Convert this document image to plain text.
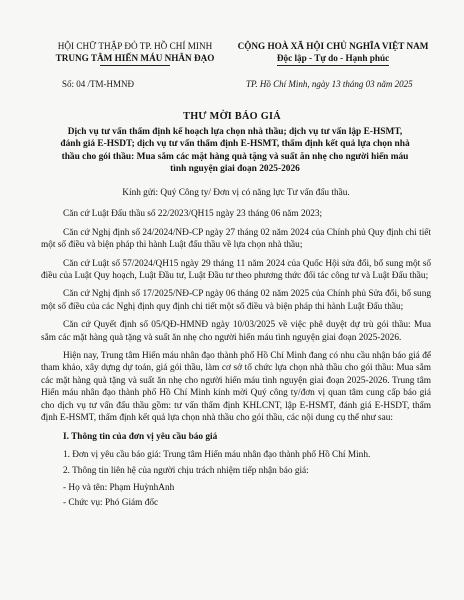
HỘI CHỮ THẬP ĐỎ TP. HỒ CHÍ MINH
TRUNG TÂM HIẾN MÁU NHÂN ĐẠO
CỘNG HOÀ XÃ HỘI CHỦ NGHĨA VIỆT NAM
Độc lập - Tự do - Hạnh phúc
Số: 04 /TM-HMNĐ	TP. Hồ Chí Minh, ngày 13 tháng 03 năm 2025
THƯ MỜI BÁO GIÁ
Dịch vụ tư vấn thẩm định kế hoạch lựa chọn nhà thầu; dịch vụ tư vấn lập E-HSMT, đánh giá E-HSDT; dịch vụ tư vấn thẩm định E-HSMT, thẩm định kết quả lựa chọn nhà thầu cho gói thầu: Mua sắm các mặt hàng quà tặng và suất ăn nhẹ cho người hiến máu tình nguyện giai đoạn 2025-2026

Kính gửi: Quý Công ty/ Đơn vị có năng lực Tư vấn đấu thầu.

Căn cứ Luật Đấu thầu số 22/2023/QH15 ngày 23 tháng 06 năm 2023;

Căn cứ Nghị định số 24/2024/NĐ-CP ngày 27 tháng 02 năm 2024 của Chính phủ Quy định chi tiết một số điều và biện pháp thi hành Luật đấu thầu về lựa chọn nhà thầu;

Căn cứ Luật số 57/2024/QH15 ngày 29 tháng 11 năm 2024 của Quốc Hội sửa đổi, bổ sung một số điều của Luật Quy hoạch, Luật Đầu tư, Luật Đầu tư theo phương thức đối tác công tư và Luật Đấu thầu;

Căn cứ Nghị định số 17/2025/NĐ-CP ngày 06 tháng 02 năm 2025 của Chính phủ Sửa đổi, bổ sung một số điều của các Nghị định quy định chi tiết một số điều và biện pháp thi hành Luật Đấu thầu;

Căn cứ Quyết định số 05/QĐ-HMNĐ ngày 10/03/2025 về việc phê duyệt dự trù gói thầu: Mua sắm các mặt hàng quà tặng và suất ăn nhẹ cho người hiến máu tình nguyện giai đoạn 2025-2026.

Hiện nay, Trung tâm Hiến máu nhân đạo thành phố Hồ Chí Minh đang có nhu cầu nhận báo giá để tham khảo, xây dựng dự toán, giá gói thầu, làm cơ sở tổ chức lựa chọn nhà thầu cho gói thầu: Mua sắm các mặt hàng quà tặng và suất ăn nhẹ cho người hiến máu tình nguyện giai đoạn 2025-2026. Trung tâm Hiến máu nhân đạo thành phố Hồ Chí Minh kính mời Quý công ty/đơn vị quan tâm cung cấp báo giá cho dịch vụ tư vấn đấu thầu gồm: tư vấn thẩm định KHLCNT, lập E-HSMT, đánh giá E-HSDT, thẩm định E-HSMT, thẩm định kết quả lựa chọn nhà thầu cho gói thầu, các nội dung cụ thể như sau:

I. Thông tin của đơn vị yêu cầu báo giá

1. Đơn vị yêu cầu báo giá: Trung tâm Hiến máu nhân đạo thành phố Hồ Chí Minh.

2. Thông tin liên hệ của người chịu trách nhiệm tiếp nhận báo giá:

- Họ và tên: Phạm HuỳnhAnh

- Chức vụ: Phó Giám đốc
